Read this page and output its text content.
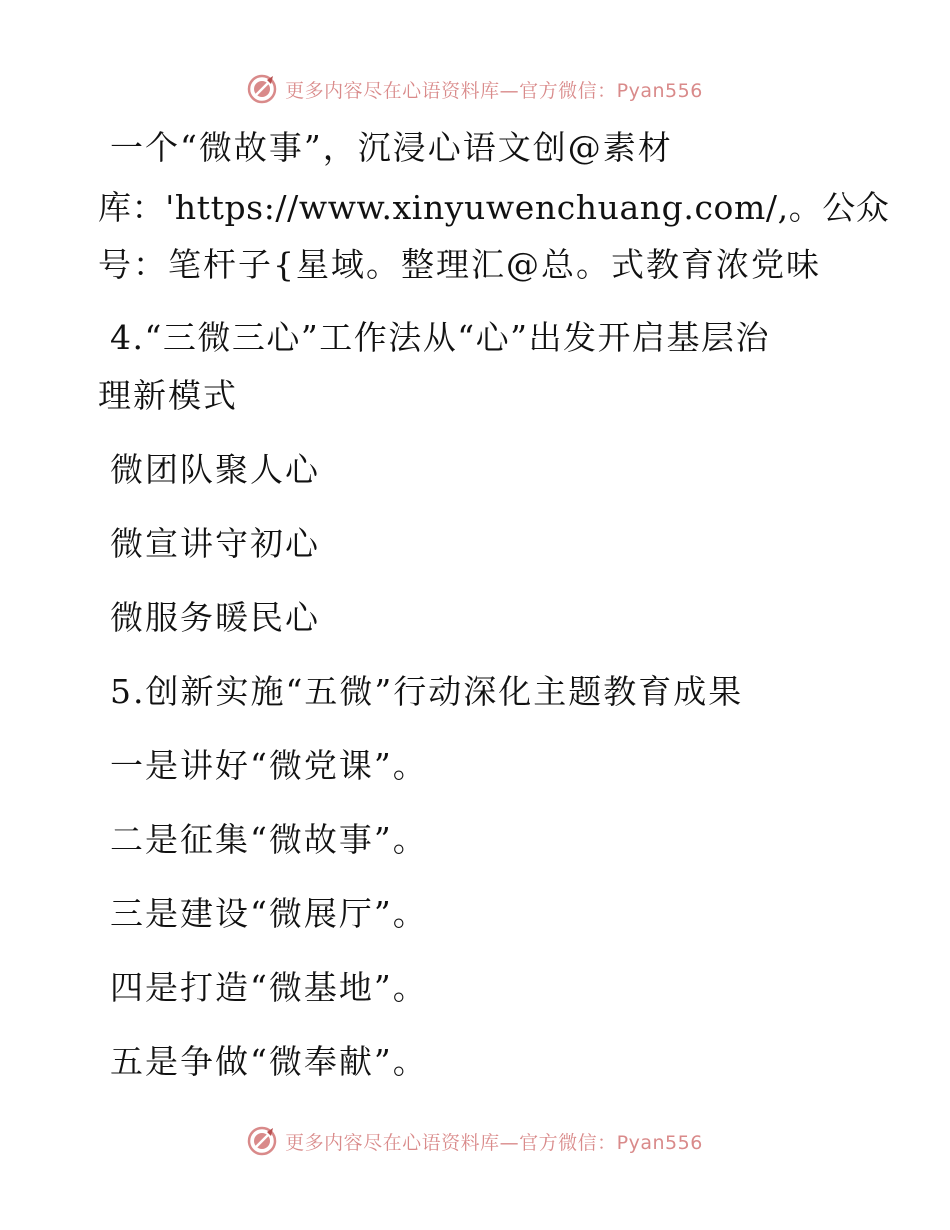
更多内容尽在心语资料库—官方微信：Pyan556
一个“微故事”，沉浸心语文创@素材
库：'https://www.xinyuwenchuang.com/,。公众
号：笔杆子{星域。整理汇@总。式教育浓党味
4.“三微三心”工作法从“心”出发开启基层治
理新模式
微团队聚人心
微宣讲守初心
微服务暖民心
5.创新实施“五微”行动深化主题教育成果
一是讲好“微党课”。
二是征集“微故事”。
三是建设“微展厅”。
四是打造“微基地”。
五是争做“微奉献”。
更多内容尽在心语资料库—官方微信：Pyan556
